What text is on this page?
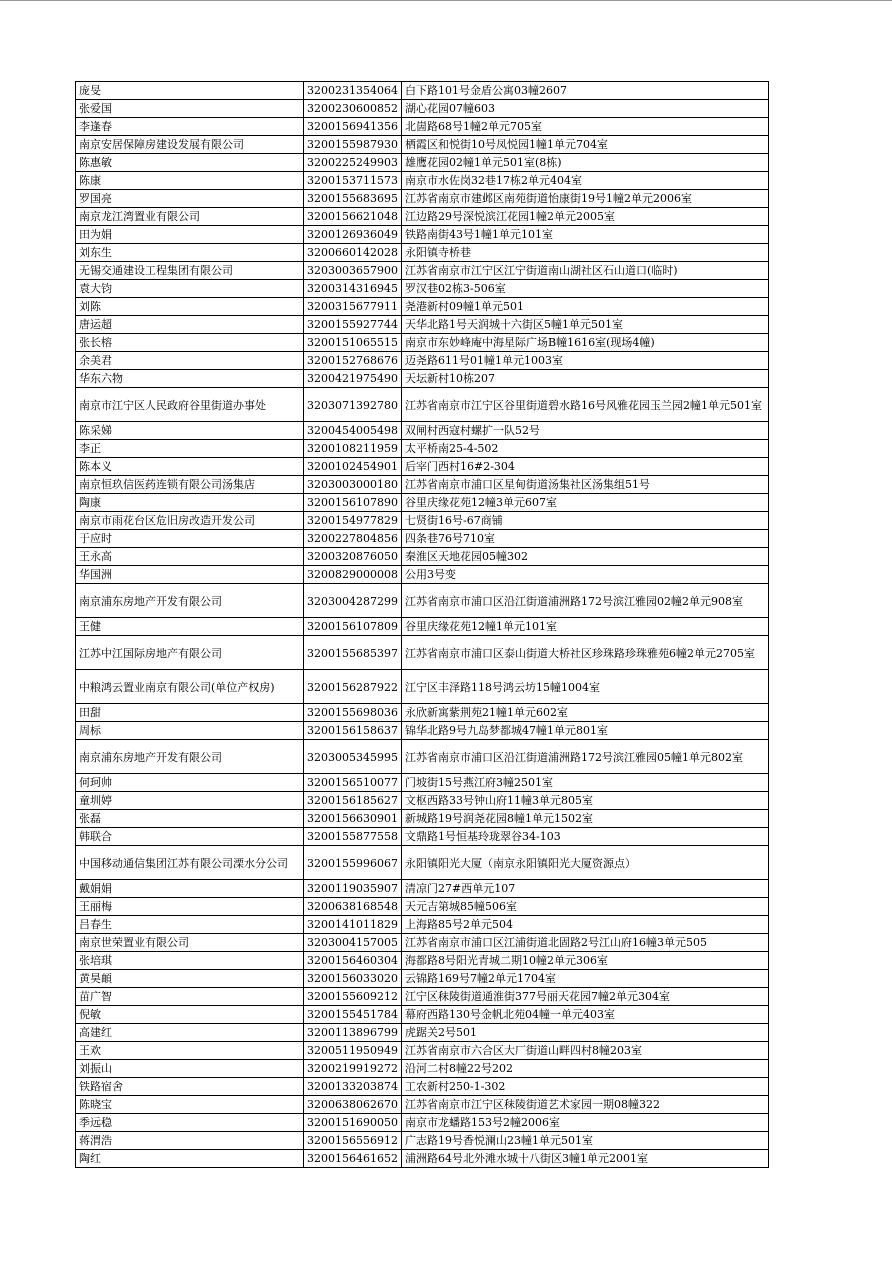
庞旻	3200231354064	白下路101号金盾公寓03幢2607
张爱国	3200230600852	湖心花园07幢603
李逢春	3200156941356	北崮路68号1幢2单元705室
南京安居保障房建设发展有限公司	3200155987930	栖霞区和悦街10号凤悦园1幢1单元704室
陈惠敏	3200225249903	雄鹰花园02幢1单元501室(8栋)
陈康	3200153711573	南京市水佐岗32巷17栋2单元404室
罗国亮	3200155683695	江苏省南京市建邺区南苑街道怡康街19号1幢2单元2006室
南京龙江湾置业有限公司	3200156621048	江边路29号深悦滨江花园1幢2单元2005室
田为娟	3200126936049	铁路南街43号1幢1单元101室
刘东生	3200660142028	永阳镇寺桥巷
无锡交通建设工程集团有限公司	3203003657900	江苏省南京市江宁区江宁街道南山湖社区石山道口(临时)
袁大钧	3200314316945	罗汉巷02栋3-506室
刘陈	3200315677911	尧港新村09幢1单元501
唐运超	3200155927744	天华北路1号天润城十六街区5幢1单元501室
张长榕	3200151065515	南京市东妙峰庵中海星际广场B幢1616室(现场4幢)
余美君	3200152768676	迈尧路611号01幢1单元1003室
华东六物	3200421975490	天坛新村10栋207

南京市江宁区人民政府谷里街道办事处	3203071392780	江苏省南京市江宁区谷里街道碧水路16号风雅花园玉兰园2幢1单元501室

陈采娣	3200454005498	双闸村西寇村螺扩一队52号
李正	3200108211959	太平桥南25-4-502
陈本义	3200102454901	后宰门西村16#2-304
南京恒玖信医药连锁有限公司汤集店	3203003000180	江苏省南京市浦口区星甸街道汤集社区汤集组51号
陶康	3200156107890	谷里庆缘花苑12幢3单元607室
南京市雨花台区危旧房改造开发公司	3200154977829	七贤街16号-67商铺
于应时	3200227804856	四条巷76号710室
王永高	3200320876050	秦淮区天地花园05幢302
华国洲	3200829000008	公用3号变

南京浦东房地产开发有限公司	3203004287299	江苏省南京市浦口区沿江街道浦洲路172号滨江雅园02幢2单元908室

王健	3200156107809	谷里庆缘花苑12幢1单元101室

江苏中江国际房地产有限公司	3200155685397	江苏省南京市浦口区泰山街道大桥社区珍珠路珍珠雅苑6幢2单元2705室

中粮鸿云置业南京有限公司(单位产权房)	3200156287922	江宁区丰泽路118号鸿云坊15幢1004室

田甜	3200155698036	永欣新寓紫荆苑21幢1单元602室
周标	3200156158637	锦华北路9号九岛梦都城47幢1单元801室

南京浦东房地产开发有限公司	3203005345995	江苏省南京市浦口区沿江街道浦洲路172号滨江雅园05幢1单元802室

何珂帅	3200156510077	门坡街15号燕江府3幢2501室
童圳婷	3200156185627	文枢西路33号钟山府11幢3单元805室
张磊	3200156630901	新城路19号润尧花园8幢1单元1502室
韩联合	3200155877558	文鼎路1号恒基玲珑翠谷34-103

中国移动通信集团江苏有限公司溧水分公司	3200155996067	永阳镇阳光大厦（南京永阳镇阳光大厦资源点）

戴娟娟	3200119035907	清凉门27#西单元107
王丽梅	3200638168548	天元吉第城85幢506室
吕春生	3200141011829	上海路85号2单元504
南京世荣置业有限公司	3203004157005	江苏省南京市浦口区江浦街道北固路2号江山府16幢3单元505
张培琪	3200156460304	海都路8号阳光青城二期10幢2单元306室
黄昊頔	3200156033020	云锦路169号7幢2单元1704室
苗广智	3200155609212	江宁区秣陵街道通淮街377号丽天花园7幢2单元304室
倪敏	3200155451784	幕府西路130号金帆北苑04幢一单元403室
高建红	3200113896799	虎踞关2号501
王欢	3200511950949	江苏省南京市六合区大厂街道山畔四村8幢203室
刘振山	3200219919272	沿河二村8幢22号202
铁路宿舍	3200133203874	工农新村250-1-302
陈晓宝	3200638062670	江苏省南京市江宁区秣陵街道艺术家园一期08幢322
季远稳	3200151690050	南京市龙蟠路153号2幢2006室
蒋渭浩	3200156556912	广志路19号香悦澜山23幢1单元501室
陶红	3200156461652	浦洲路64号北外滩水城十八街区3幢1单元2001室
